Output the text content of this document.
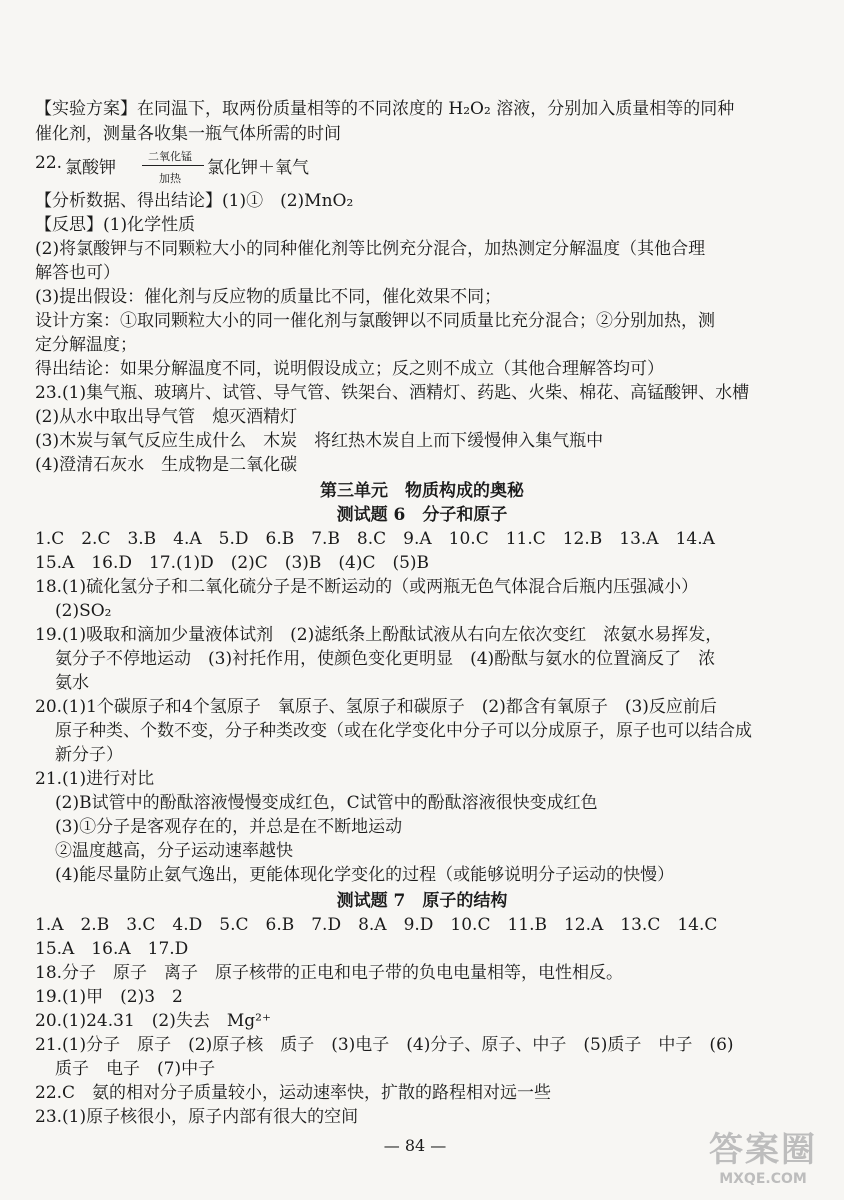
【实验方案】在同温下，取两份质量相等的不同浓度的 H₂O₂ 溶液，分别加入质量相等的同种
催化剂，测量各收集一瓶气体所需的时间
【分析数据、得出结论】(1)①　(2)MnO₂
【反思】(1)化学性质
(2)将氯酸钾与不同颗粒大小的同种催化剂等比例充分混合，加热测定分解温度（其他合理
解答也可）
(3)提出假设：催化剂与反应物的质量比不同，催化效果不同；
设计方案：①取同颗粒大小的同一催化剂与氯酸钾以不同质量比充分混合；②分别加热，测
定分解温度；
得出结论：如果分解温度不同，说明假设成立；反之则不成立（其他合理解答均可）
23.(1)集气瓶、玻璃片、试管、导气管、铁架台、酒精灯、药匙、火柴、棉花、高锰酸钾、水槽
(2)从水中取出导气管　熄灭酒精灯
(3)木炭与氧气反应生成什么　木炭　将红热木炭自上而下缓慢伸入集气瓶中
(4)澄清石灰水　生成物是二氧化碳
第三单元　物质构成的奥秘
测试题 6　分子和原子
1.C　2.C　3.B　4.A　5.D　6.B　7.B　8.C　9.A　10.C　11.C　12.B　13.A　14.A
15.A　16.D　17.(1)D　(2)C　(3)B　(4)C　(5)B
18.(1)硫化氢分子和二氧化硫分子是不断运动的（或两瓶无色气体混合后瓶内压强减小）
(2)SO₂
19.(1)吸取和滴加少量液体试剂　(2)滤纸条上酚酞试液从右向左依次变红　浓氨水易挥发，
氨分子不停地运动　(3)衬托作用，使颜色变化更明显　(4)酚酞与氨水的位置滴反了　浓
氨水
20.(1)1个碳原子和4个氢原子　氧原子、氢原子和碳原子　(2)都含有氧原子　(3)反应前后
原子种类、个数不变，分子种类改变（或在化学变化中分子可以分成原子，原子也可以结合成
新分子）
21.(1)进行对比
(2)B试管中的酚酞溶液慢慢变成红色，C试管中的酚酞溶液很快变成红色
(3)①分子是客观存在的，并总是在不断地运动
②温度越高，分子运动速率越快
(4)能尽量防止氨气逸出，更能体现化学变化的过程（或能够说明分子运动的快慢）
测试题 7　原子的结构
1.A　2.B　3.C　4.D　5.C　6.B　7.D　8.A　9.D　10.C　11.B　12.A　13.C　14.C
15.A　16.A　17.D
18.分子　原子　离子　原子核带的正电和电子带的负电电量相等，电性相反。
19.(1)甲　(2)3　2
20.(1)24.31　(2)失去　Mg²⁺
21.(1)分子　原子　(2)原子核　质子　(3)电子　(4)分子、原子、中子　(5)质子　中子　(6)
质子　电子　(7)中子
22.C　氨的相对分子质量较小，运动速率快，扩散的路程相对远一些
23.(1)原子核很小，原子内部有很大的空间
22. 氯酸钾
二氧化锰
加热
氯化钾＋氧气
— 84 —	答案圈
MXQE.COM
